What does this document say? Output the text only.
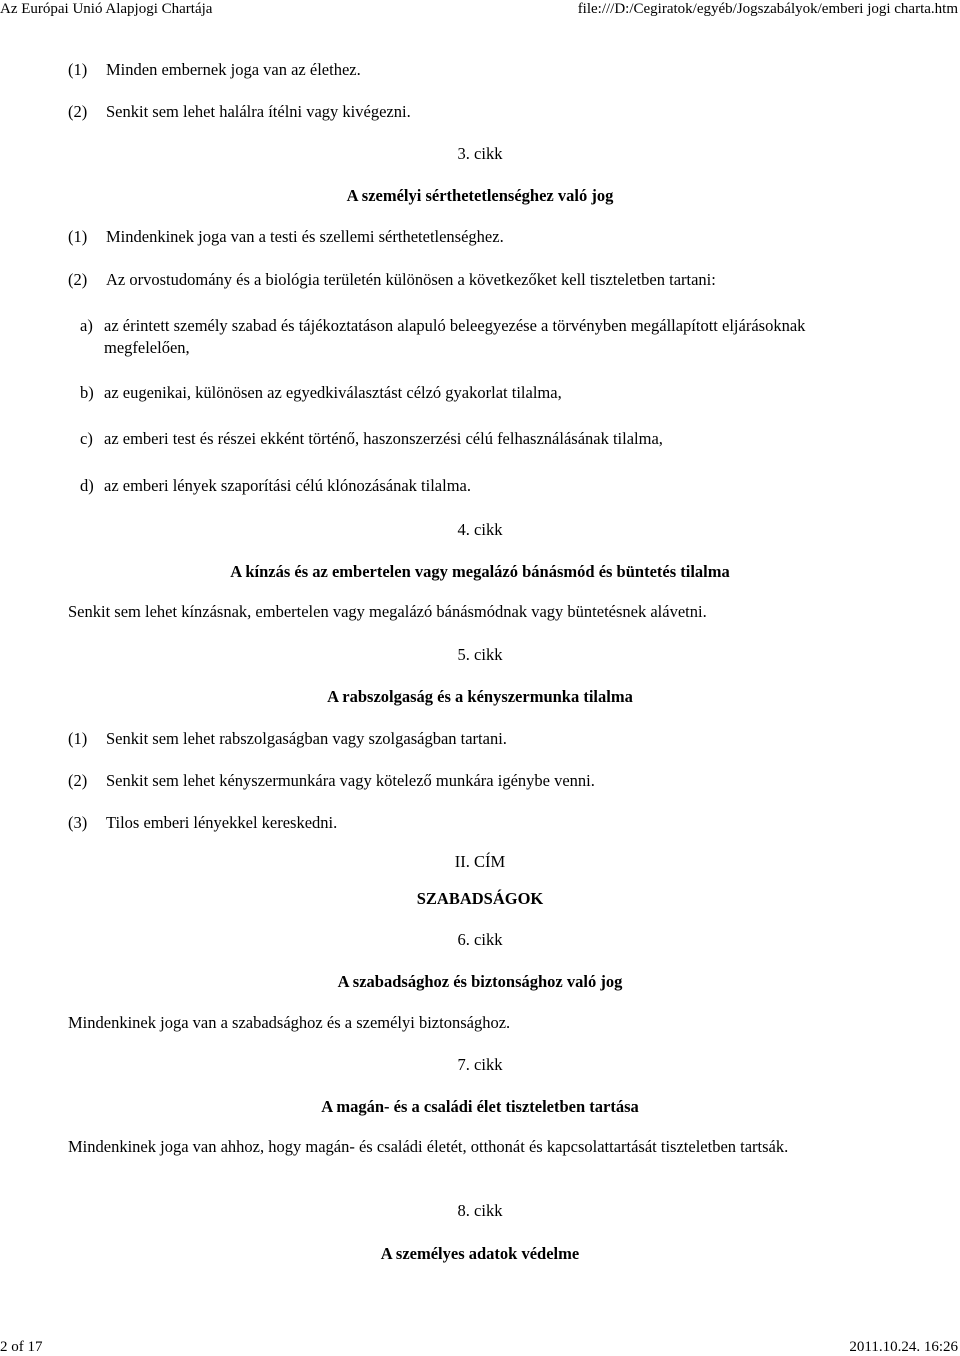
Az Európai Unió Alapjogi Chartája	file:///D:/Cegiratok/egyéb/Jogszabályok/emberi jogi charta.htm
(1) Minden embernek joga van az élethez.
(2) Senkit sem lehet halálra ítélni vagy kivégezni.
3. cikk
A személyi sérthetetlenséghez való jog
(1) Mindenkinek joga van a testi és szellemi sérthetetlenséghez.
(2) Az orvostudomány és a biológia területén különösen a következőket kell tiszteletben tartani:
a) az érintett személy szabad és tájékoztatáson alapuló beleegyezése a törvényben megállapított eljárásoknak megfelelően,
b) az eugenikai, különösen az egyedkiválasztást célzó gyakorlat tilalma,
c) az emberi test és részei ekként történő, haszonszerzési célú felhasználásának tilalma,
d) az emberi lények szaporítási célú klónozásának tilalma.
4. cikk
A kínzás és az embertelen vagy megalázó bánásmód és büntetés tilalma
Senkit sem lehet kínzásnak, embertelen vagy megalázó bánásmódnak vagy büntetésnek alávetni.
5. cikk
A rabszolgaság és a kényszermunka tilalma
(1) Senkit sem lehet rabszolgaságban vagy szolgaságban tartani.
(2) Senkit sem lehet kényszermunkára vagy kötelező munkára igénybe venni.
(3) Tilos emberi lényekkel kereskedni.
II. CÍM
SZABADSÁGOK
6. cikk
A szabadsághoz és biztonsághoz való jog
Mindenkinek joga van a szabadsághoz és a személyi biztonsághoz.
7. cikk
A magán- és a családi élet tiszteletben tartása
Mindenkinek joga van ahhoz, hogy magán- és családi életét, otthonát és kapcsolattartását tiszteletben tartsák.
8. cikk
A személyes adatok védelme
2 of 17	2011.10.24. 16:26
